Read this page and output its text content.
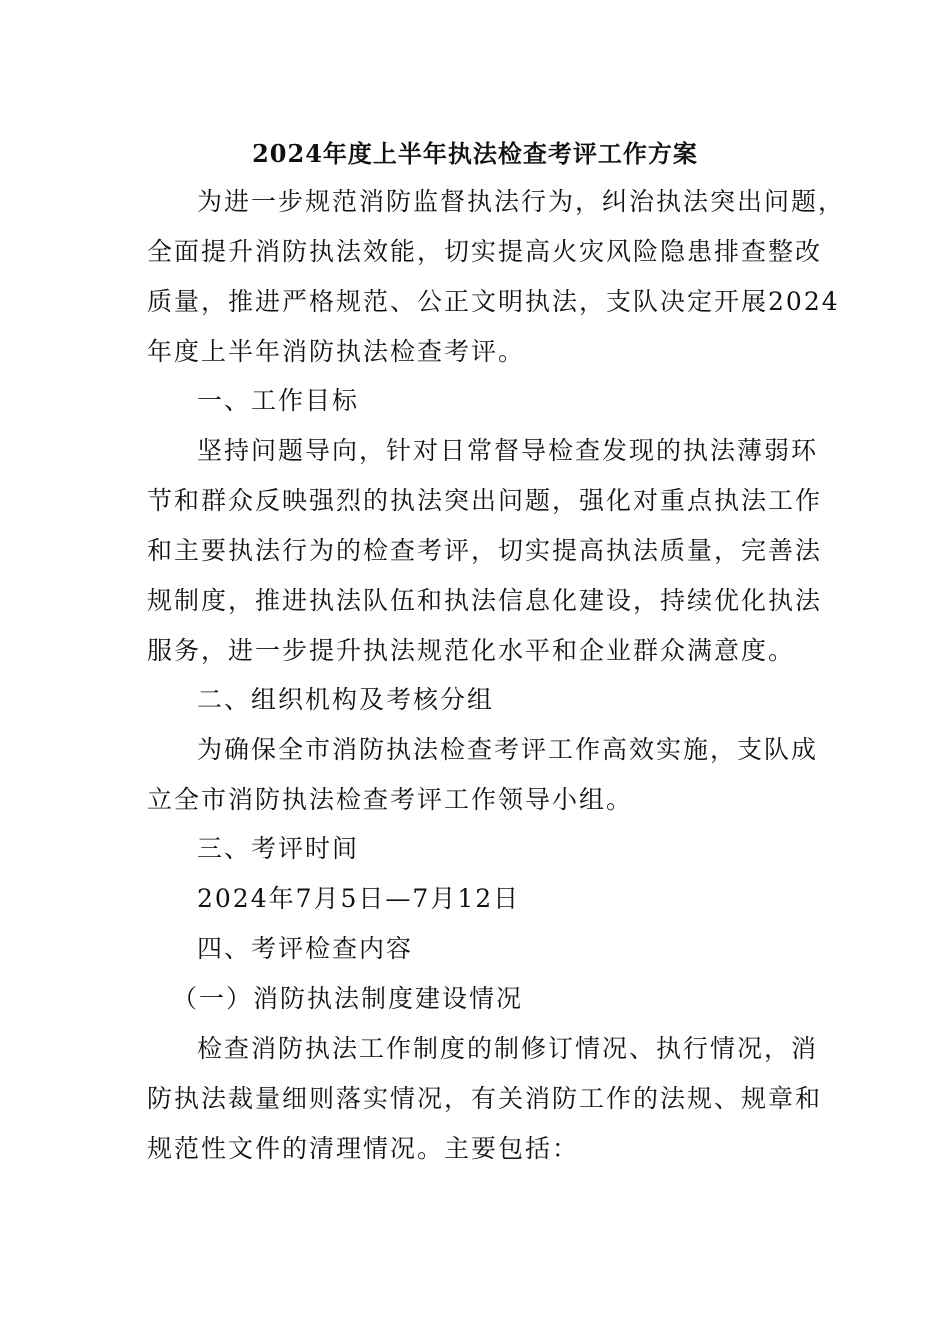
2024年度上半年执法检查考评工作方案
为进一步规范消防监督执法行为，纠治执法突出问题，
全面提升消防执法效能，切实提高火灾风险隐患排查整改
质量，推进严格规范、公正文明执法，支队决定开展2024
年度上半年消防执法检查考评。
一、工作目标
坚持问题导向，针对日常督导检查发现的执法薄弱环
节和群众反映强烈的执法突出问题，强化对重点执法工作
和主要执法行为的检查考评，切实提高执法质量，完善法
规制度，推进执法队伍和执法信息化建设，持续优化执法
服务，进一步提升执法规范化水平和企业群众满意度。
二、组织机构及考核分组
为确保全市消防执法检查考评工作高效实施，支队成
立全市消防执法检查考评工作领导小组。
三、考评时间
2024年7月5日—7月12日
四、考评检查内容
（一）消防执法制度建设情况
检查消防执法工作制度的制修订情况、执行情况，消
防执法裁量细则落实情况，有关消防工作的法规、规章和
规范性文件的清理情况。主要包括：
